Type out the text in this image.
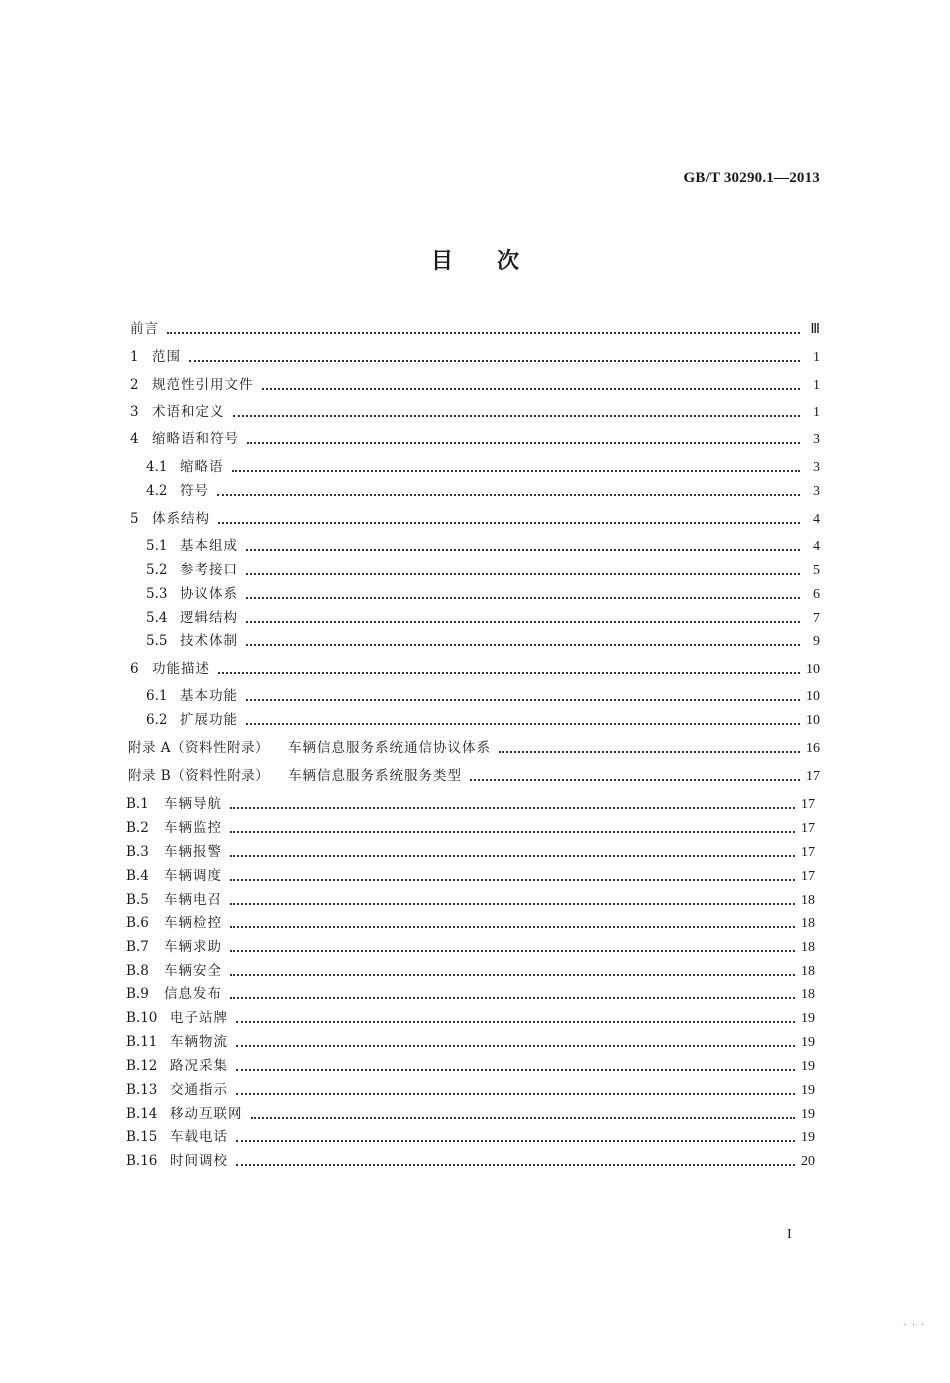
GB/T 30290.1—2013
目次
前言	Ⅲ
1 范围	1
2 规范性引用文件	1
3 术语和定义	1
4 缩略语和符号	3
4.1 缩略语	3
4.2 符号	3
5 体系结构	4
5.1 基本组成	4
5.2 参考接口	5
5.3 协议体系	6
5.4 逻辑结构	7
5.5 技术体制	9
6 功能描述	10
6.1 基本功能	10
6.2 扩展功能	10
附录 A（资料性附录）	车辆信息服务系统通信协议体系	16
附录 B（资料性附录）	车辆信息服务系统服务类型	17
B.1	车辆导航	17
B.2	车辆监控	17
B.3	车辆报警	17
B.4	车辆调度	17
B.5	车辆电召	18
B.6	车辆检控	18
B.7	车辆求助	18
B.8	车辆安全	18
B.9	信息发布	18
B.10 电子站牌	19
B.11 车辆物流	19
B.12 路况采集	19
B.13 交通指示	19
B.14 移动互联网	19
B.15 车载电话	19
B.16 时间调校	20
I
. . .
